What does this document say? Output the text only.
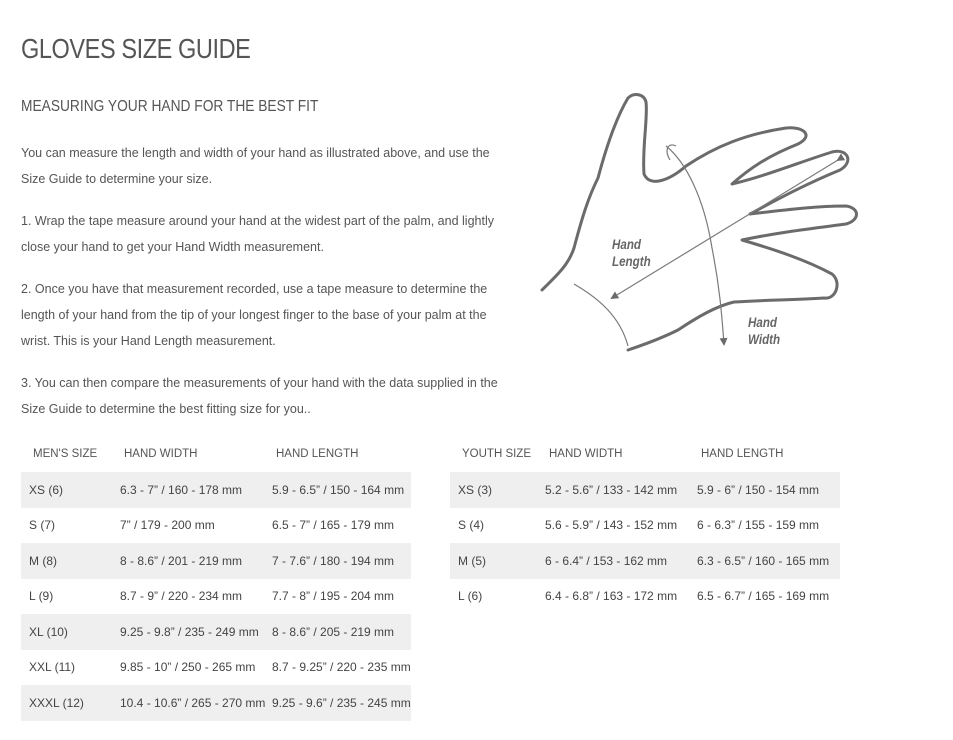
GLOVES SIZE GUIDE
MEASURING YOUR HAND FOR THE BEST FIT

You can measure the length and width of your hand as illustrated above, and use the Size Guide to determine your size.

1. Wrap the tape measure around your hand at the widest part of the palm, and lightly close your hand to get your Hand Width measurement.

2. Once you have that measurement recorded, use a tape measure to determine the length of your hand from the tip of your longest finger to the base of your palm at the wrist. This is your Hand Length measurement.

3. You can then compare the measurements of your hand with the data supplied in the Size Guide to determine the best fitting size for you..

Hand
Length
Hand
Width
MEN'S SIZE	HAND WIDTH	HAND LENGTH
XS (6)	6.3 - 7” / 160 - 178 mm	5.9 - 6.5” / 150 - 164 mm
S (7)	7” / 179 - 200 mm	6.5 - 7” / 165 - 179 mm
M (8)	8 - 8.6” / 201 - 219 mm	7 - 7.6” / 180 - 194 mm
L (9)	8.7 - 9” / 220 - 234 mm	7.7 - 8” / 195 - 204 mm
XL (10)	9.25 - 9.8” / 235 - 249 mm	8 - 8.6” / 205 - 219 mm
XXL (11)	9.85 - 10” / 250 - 265 mm	8.7 - 9.25” / 220 - 235 mm
XXXL (12)	10.4 - 10.6” / 265 - 270 mm	9.25 - 9.6” / 235 - 245 mm
YOUTH SIZE	HAND WIDTH	HAND LENGTH
XS (3)	5.2 - 5.6” / 133 - 142 mm	5.9 - 6” / 150 - 154 mm
S (4)	5.6 - 5.9” / 143 - 152 mm	6 - 6.3” / 155 - 159 mm
M (5)	6 - 6.4” / 153 - 162 mm	6.3 - 6.5” / 160 - 165 mm
L (6)	6.4 - 6.8” / 163 - 172 mm	6.5 - 6.7” / 165 - 169 mm
